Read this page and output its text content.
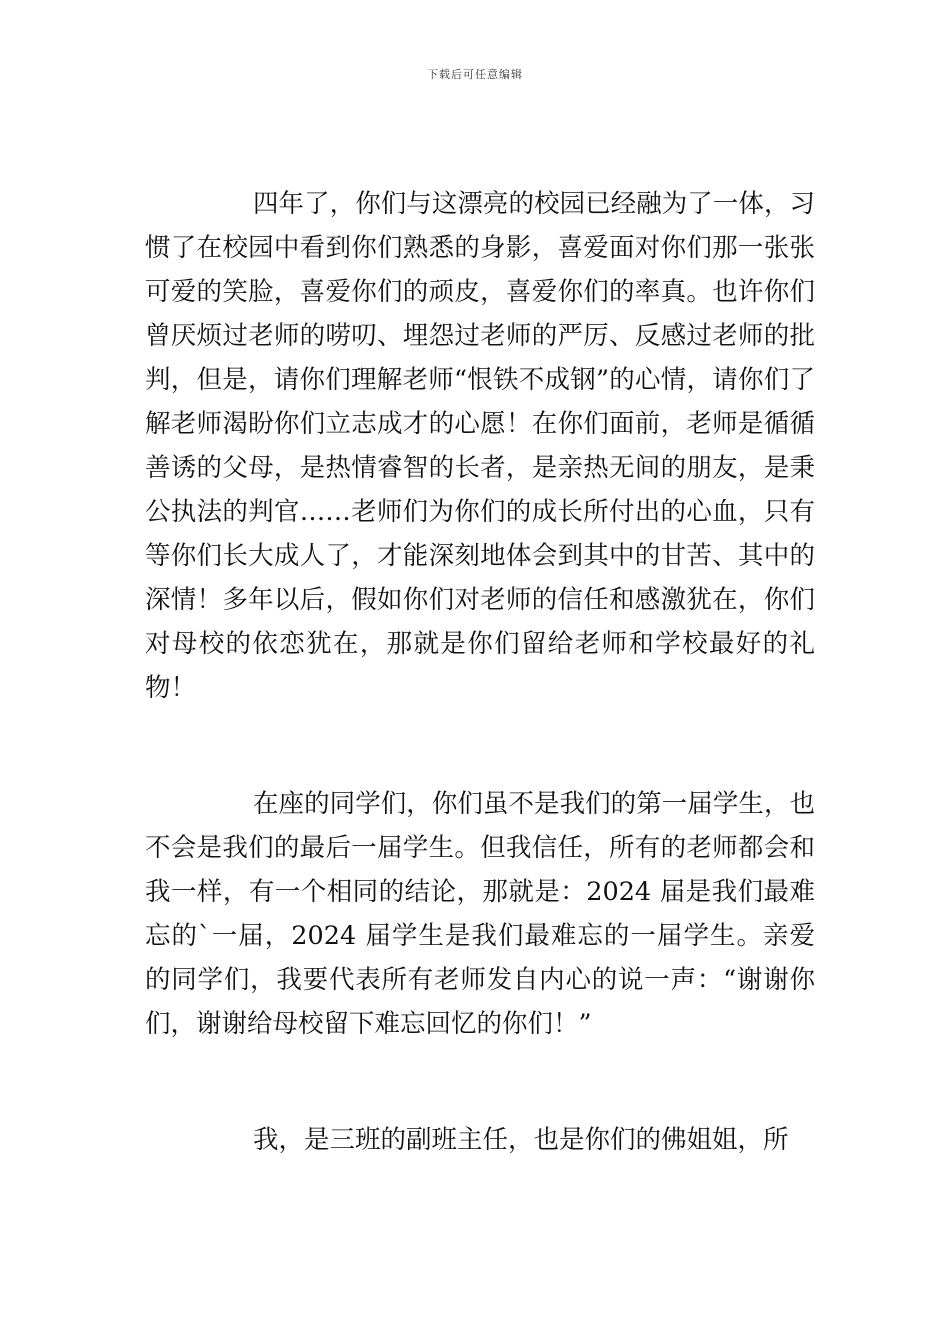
下载后可任意编辑

四年了，你们与这漂亮的校园已经融为了一体，习惯了在校园中看到你们熟悉的身影，喜爱面对你们那一张张可爱的笑脸，喜爱你们的顽皮，喜爱你们的率真。也许你们曾厌烦过老师的唠叨、埋怨过老师的严厉、反感过老师的批判，但是，请你们理解老师“恨铁不成钢”的心情，请你们了解老师渴盼你们立志成才的心愿！在你们面前，老师是循循善诱的父母，是热情睿智的长者，是亲热无间的朋友，是秉公执法的判官……老师们为你们的成长所付出的心血，只有等你们长大成人了，才能深刻地体会到其中的甘苦、其中的深情！多年以后，假如你们对老师的信任和感激犹在，你们对母校的依恋犹在，那就是你们留给老师和学校最好的礼物！

在座的同学们，你们虽不是我们的第一届学生，也不会是我们的最后一届学生。但我信任，所有的老师都会和我一样，有一个相同的结论，那就是：2024 届是我们最难忘的`一届，2024 届学生是我们最难忘的一届学生。亲爱的同学们，我要代表所有老师发自内心的说一声：“谢谢你们，谢谢给母校留下难忘回忆的你们！”

我，是三班的副班主任，也是你们的佛姐姐，所
